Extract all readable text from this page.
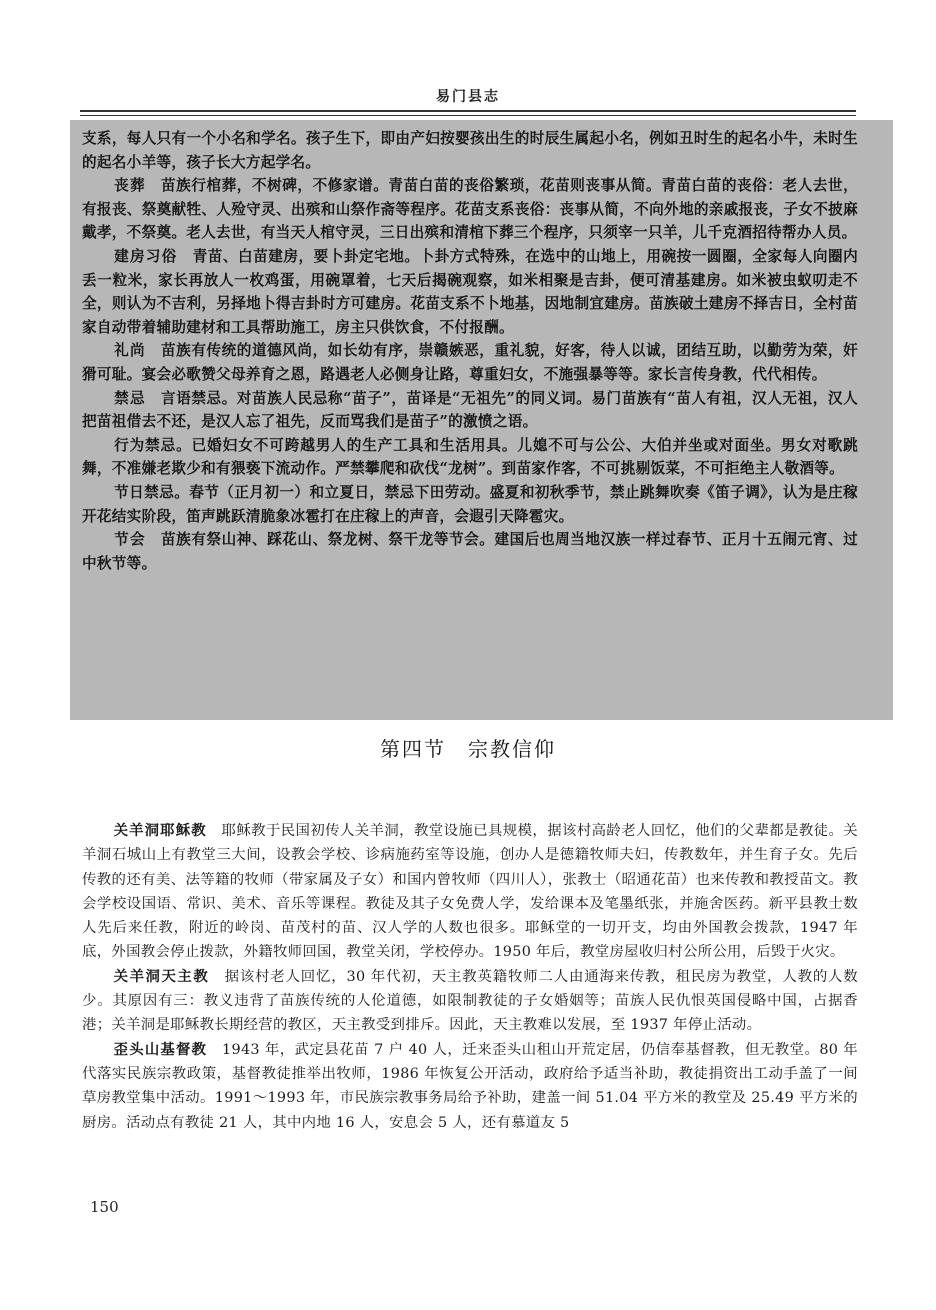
易门县志

支系，每人只有一个小名和学名。孩子生下，即由产妇按婴孩出生的时辰生属起小名，例如丑时生的起名小牛，未时生的起名小羊等，孩子长大方起学名。

丧葬　 苗族行棺葬，不树碑，不修家谱。青苗白苗的丧俗繁琐，花苗则丧事从简。青苗白苗的丧俗：老人去世，有报丧、祭奠献牲、人殓守灵、出殡和山祭作斋等程序。花苗支系丧俗：丧事从简，不向外地的亲戚报丧，子女不披麻戴孝，不祭奠。老人去世，有当天人棺守灵，三日出殡和清棺下葬三个程序，只须宰一只羊，儿千克酒招待帮办人员。

建房习俗　 青苗、白苗建房，要卜卦定宅地。卜卦方式特殊，在选中的山地上，用碗按一圆圈，全家每人向圈内丢一粒米，家长再放人一枚鸡蛋，用碗罩着，七天后揭碗观察，如米相聚是吉卦，便可清基建房。如米被虫蚁叨走不全，则认为不吉利，另择地卜得吉卦时方可建房。花苗支系不卜地基，因地制宜建房。苗族破土建房不择吉日，全村苗家自动带着辅助建材和工具帮助施工，房主只供饮食，不付报酬。

礼尚　 苗族有传统的道德风尚，如长幼有序，崇赣嫉恶，重礼貌，好客，待人以诚，团结互助，以勤劳为荣，奸猾可耻。宴会必歌赞父母养育之恩，路遇老人必侧身让路，尊重妇女，不施强暴等等。家长言传身教，代代相传。

禁忌　 言语禁忌。对苗族人民忌称“苗子”，苗译是“无祖先”的同义词。易门苗族有“苗人有祖，汉人无祖，汉人把苗祖借去不还，是汉人忘了祖先，反而骂我们是苗子”的激愤之语。

行为禁忌。已婚妇女不可跨越男人的生产工具和生活用具。儿媳不可与公公、大伯并坐或对面坐。男女对歌跳舞，不准嫌老欺少和有猥亵下流动作。严禁攀爬和砍伐“龙树”。到苗家作客，不可挑剔饭菜，不可拒绝主人敬酒等。

节日禁忌。春节（正月初一）和立夏日，禁忌下田劳动。盛夏和初秋季节，禁止跳舞吹奏《笛子调》，认为是庄稼开花结实阶段，笛声跳跃清脆象冰雹打在庄稼上的声音，会遐引天降雹灾。

节会　 苗族有祭山神、踩花山、祭龙树、祭干龙等节会。建国后也周当地汉族一样过春节、正月十五闹元宵、过中秋节等。

第四节　宗教信仰

关羊洞耶稣教　 耶稣教于民国初传人关羊洞，教堂设施已具规模，据该村高龄老人回忆，他们的父辈都是教徒。关羊洞石城山上有教堂三大间，设教会学校、诊病施药室等设施，创办人是德籍牧师夫妇，传教数年，并生育子女。先后传教的还有美、法等籍的牧师（带家属及子女）和国内曾牧师（四川人），张教士（昭通花苗）也来传教和教授苗文。教会学校设国语、常识、美术、音乐等课程。教徒及其子女免费人学，发给课本及笔墨纸张，并施舍医药。新平县教士数人先后来任教，附近的岭岗、苗茂村的苗、汉人学的人数也很多。耶稣堂的一切开支，均由外国教会拨款，1947 年底，外国教会停止拨款，外籍牧师回国，教堂关闭，学校停办。1950 年后，教堂房屋收归村公所公用，后毁于火灾。

关羊洞天主教　 据该村老人回忆，30 年代初，天主教英籍牧师二人由通海来传教，租民房为教堂，人教的人数少。其原因有三：教义违背了苗族传统的人伦道德，如限制教徒的子女婚姻等；苗族人民仇恨英国侵略中国，占据香港；关羊洞是耶稣教长期经营的教区，天主教受到排斥。因此，天主教难以发展，至 1937 年停止活动。

歪头山基督教　 1943 年，武定县花苗 7 户 40 人，迁来歪头山租山开荒定居，仍信奉基督教，但无教堂。80 年代落实民族宗教政策，基督教徒推举出牧师，1986 年恢复公开活动，政府给予适当补助，教徒捐资出工动手盖了一间草房教堂集中活动。1991～1993 年，市民族宗教事务局给予补助，建盖一间 51.04 平方米的教堂及 25.49 平方米的厨房。活动点有教徒 21 人，其中内地 16 人，安息会 5 人，还有慕道友 5

150
